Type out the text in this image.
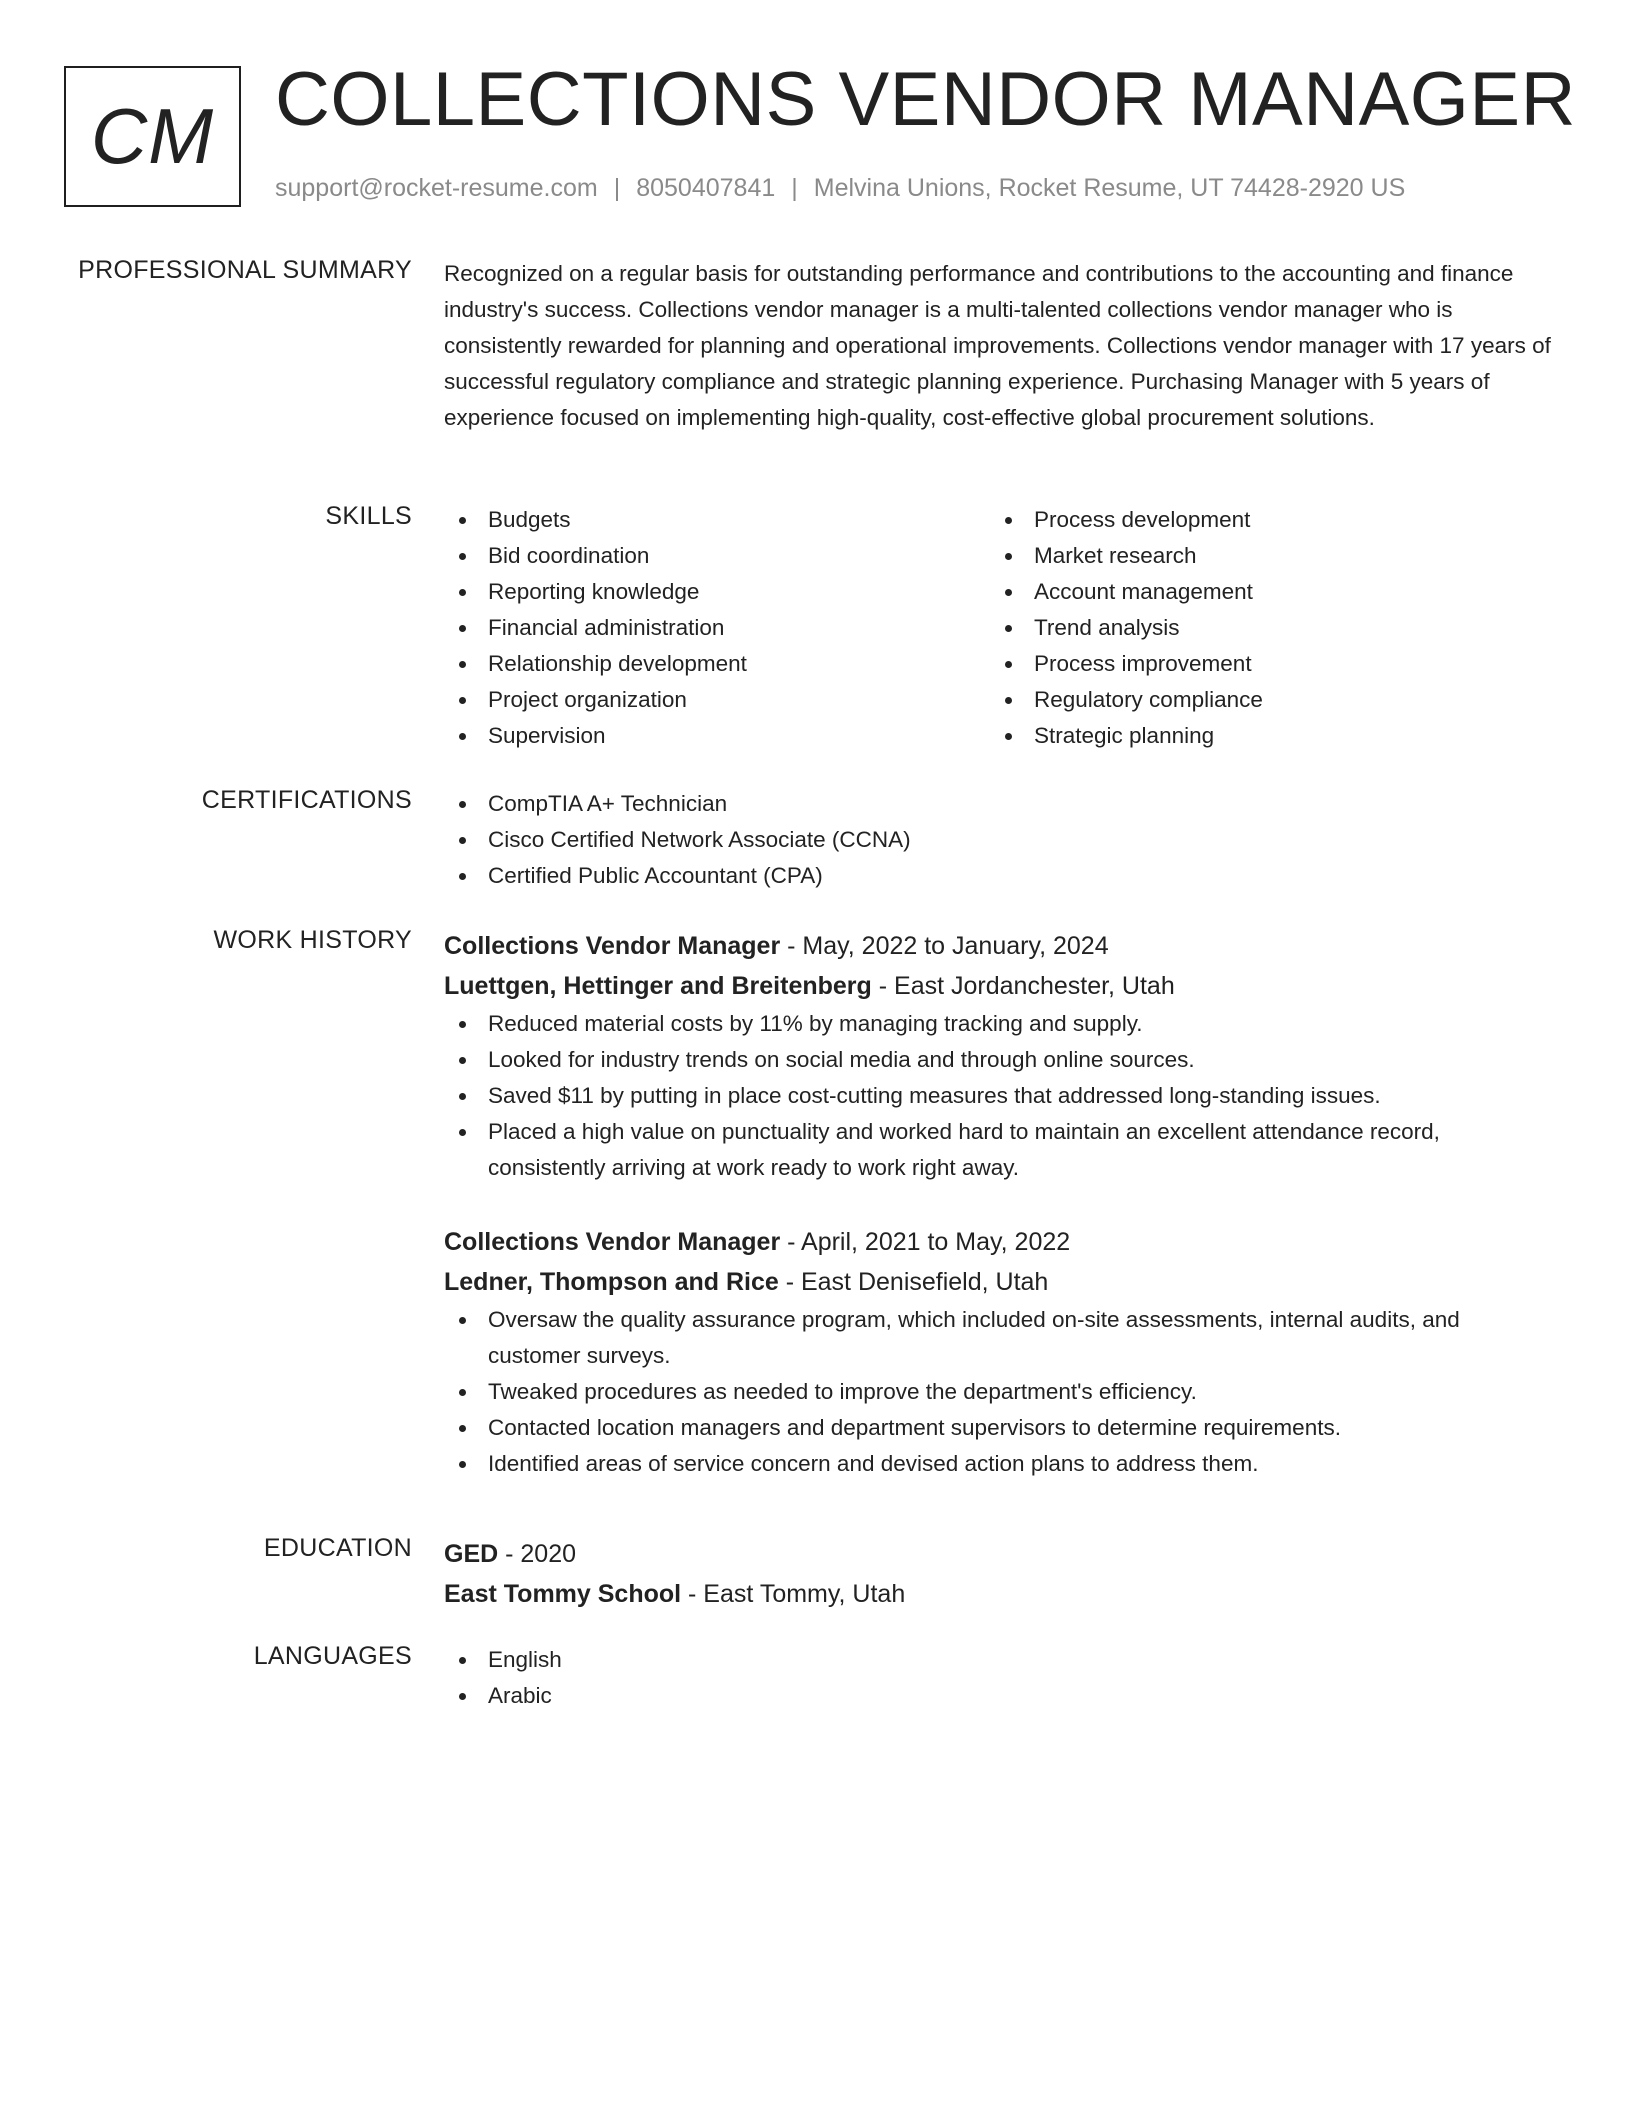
CM COLLECTIONS VENDOR MANAGER
support@rocket-resume.com | 8050407841 | Melvina Unions, Rocket Resume, UT 74428-2920 US
PROFESSIONAL SUMMARY Recognized on a regular basis for outstanding performance and contributions to the accounting and finance industry's success. Collections vendor manager is a multi-talented collections vendor manager who is consistently rewarded for planning and operational improvements. Collections vendor manager with 17 years of successful regulatory compliance and strategic planning experience. Purchasing Manager with 5 years of experience focused on implementing high-quality, cost-effective global procurement solutions.

SKILLS	Budgets
Bid coordination
Reporting knowledge
Financial administration
Relationship development
Project organization
Supervision
Process development
Market research
Account management
Trend analysis
Process improvement
Regulatory compliance
Strategic planning
CERTIFICATIONS	CompTIA A+ Technician
Cisco Certified Network Associate (CCNA)
Certified Public Accountant (CPA)
WORK HISTORY Collections Vendor Manager - May, 2022 to January, 2024
Luettgen, Hettinger and Breitenberg - East Jordanchester, Utah
Reduced material costs by 11% by managing tracking and supply.
Looked for industry trends on social media and through online sources.
Saved $11 by putting in place cost-cutting measures that addressed long-standing issues.
Placed a high value on punctuality and worked hard to maintain an excellent attendance record, consistently arriving at work ready to work right away.
Collections Vendor Manager - April, 2021 to May, 2022
Ledner, Thompson and Rice - East Denisefield, Utah
Oversaw the quality assurance program, which included on-site assessments, internal audits, and customer surveys.
Tweaked procedures as needed to improve the department's efficiency.
Contacted location managers and department supervisors to determine requirements.
Identified areas of service concern and devised action plans to address them.
EDUCATION GED - 2020
East Tommy School - East Tommy, Utah
LANGUAGES	English
Arabic
